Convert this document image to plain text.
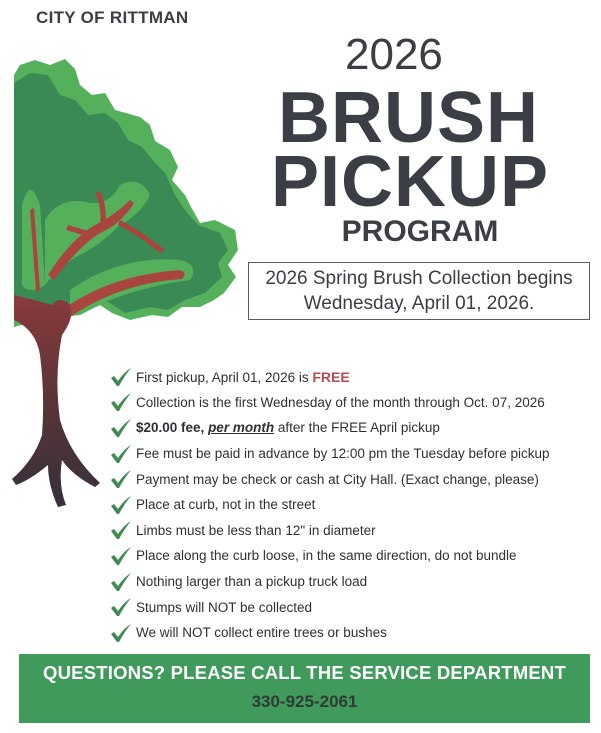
CITY OF RITTMAN
2026
BRUSH
PICKUP
PROGRAM
2026 Spring Brush Collection begins
Wednesday, April 01, 2026.
First pickup, April 01, 2026 is FREE
Collection is the first Wednesday of the month through Oct. 07, 2026
$20.00 fee, per month after the FREE April pickup
Fee must be paid in advance by 12:00 pm the Tuesday before pickup
Payment may be check or cash at City Hall. (Exact change, please)
Place at curb, not in the street
Limbs must be less than 12" in diameter
Place along the curb loose, in the same direction, do not bundle
Nothing larger than a pickup truck load
Stumps will NOT be collected
We will NOT collect entire trees or bushes
QUESTIONS? PLEASE CALL THE SERVICE DEPARTMENT
330-925-2061
